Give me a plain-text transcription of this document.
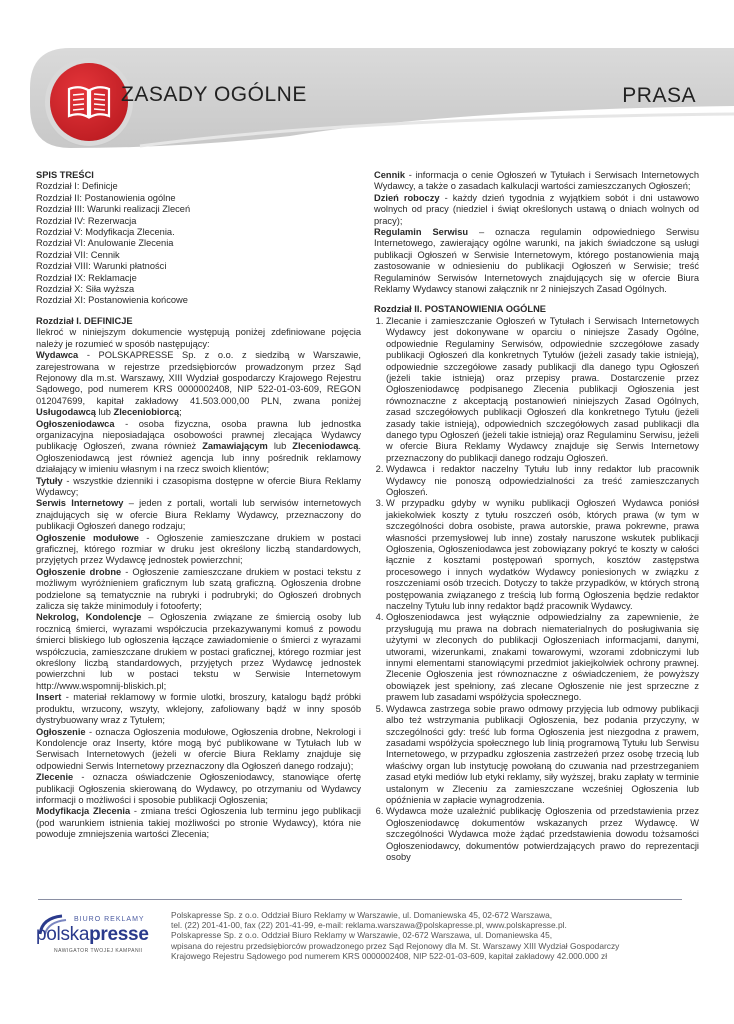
ZASADY OGÓLNE	PRASA

SPIS TREŚCI

Rozdział I: Definicje

Rozdział II: Postanowienia ogólne

Rozdział III: Warunki realizacji Zleceń

Rozdział IV: Rezerwacja

Rozdział V: Modyfikacja Zlecenia.

Rozdział VI: Anulowanie Zlecenia

Rozdział VII: Cennik

Rozdział VIII: Warunki płatności

Rozdział IX: Reklamacje

Rozdział X: Siła wyższa

Rozdział XI: Postanowienia końcowe

Rozdział I. DEFINICJE

Ilekroć w niniejszym dokumencie występują poniżej zdefiniowane pojęcia należy je rozumieć w sposób następujący:

Wydawca - POLSKAPRESSE Sp. z o.o. z siedzibą w Warszawie, zarejestrowana w rejestrze przedsiębiorców prowadzonym przez Sąd Rejonowy dla m.st. Warszawy, XIII Wydział gospodarczy Krajowego Rejestru Sądowego, pod numerem KRS 0000002408, NIP 522-01-03-609, REGON 012047699, kapitał zakładowy 41.503.000,00 PLN, zwana poniżej Usługodawcą lub Zleceniobiorcą;

Ogłoszeniodawca - osoba fizyczna, osoba prawna lub jednostka organizacyjna nieposiadająca osobowości prawnej zlecająca Wydawcy publikację Ogłoszeń, zwana również Zamawiającym lub Zleceniodawcą. Ogłoszeniodawcą jest również agencja lub inny pośrednik reklamowy działający w imieniu własnym i na rzecz swoich klientów;

Tytuły - wszystkie dzienniki i czasopisma dostępne w ofercie Biura Reklamy Wydawcy;

Serwis Internetowy – jeden z portali, wortali lub serwisów internetowych znajdujących się w ofercie Biura Reklamy Wydawcy, przeznaczony do publikacji Ogłoszeń danego rodzaju;

Ogłoszenie modułowe - Ogłoszenie zamieszczane drukiem w postaci graficznej, którego rozmiar w druku jest określony liczbą standardowych, przyjętych przez Wydawcę jednostek powierzchni;

Ogłoszenie drobne - Ogłoszenie zamieszczane drukiem w postaci tekstu z możliwym wyróżnieniem graficznym lub szatą graficzną. Ogłoszenia drobne podzielone są tematycznie na rubryki i podrubryki; do Ogłoszeń drobnych zalicza się także minimoduły i fotooferty;

Nekrolog, Kondolencje – Ogłoszenia związane ze śmiercią osoby lub rocznicą śmierci, wyrazami współczucia przekazywanymi komuś z powodu śmierci bliskiego lub ogłoszenia łączące zawiadomienie o śmierci z wyrazami współczucia, zamieszczane drukiem w postaci graficznej, którego rozmiar jest określony liczbą standardowych, przyjętych przez Wydawcę jednostek powierzchni lub w postaci tekstu w Serwisie Internetowym http://www.wspomnij-bliskich.pl;

Insert - materiał reklamowy w formie ulotki, broszury, katalogu bądź próbki produktu, wrzucony, wszyty, wklejony, zafoliowany bądź w inny sposób dystrybuowany wraz z Tytułem;

Ogłoszenie - oznacza Ogłoszenia modułowe, Ogłoszenia drobne, Nekrologi i Kondolencje oraz Inserty, które mogą być publikowane w Tytułach lub w Serwisach Internetowych (jeżeli w ofercie Biura Reklamy znajduje się odpowiedni Serwis Internetowy przeznaczony dla Ogłoszeń danego rodzaju);

Zlecenie - oznacza oświadczenie Ogłoszeniodawcy, stanowiące ofertę publikacji Ogłoszenia skierowaną do Wydawcy, po otrzymaniu od Wydawcy informacji o możliwości i sposobie publikacji Ogłoszenia;

Modyfikacja Zlecenia - zmiana treści Ogłoszenia lub terminu jego publikacji (pod warunkiem istnienia takiej możliwości po stronie Wydawcy), która nie powoduje zmniejszenia wartości Zlecenia;

Cennik - informacja o cenie Ogłoszeń w Tytułach i Serwisach Internetowych Wydawcy, a także o zasadach kalkulacji wartości zamieszczanych Ogłoszeń;

Dzień roboczy - każdy dzień tygodnia z wyjątkiem sobót i dni ustawowo wolnych od pracy (niedziel i świąt określonych ustawą o dniach wolnych od pracy);

Regulamin Serwisu – oznacza regulamin odpowiedniego Serwisu Internetowego, zawierający ogólne warunki, na jakich świadczone są usługi publikacji Ogłoszeń w Serwisie Internetowym, którego postanowienia mają zastosowanie w odniesieniu do publikacji Ogłoszeń w Serwisie; treść Regulaminów Serwisów Internetowych znajdujących się w ofercie Biura Reklamy Wydawcy stanowi załącznik nr 2 niniejszych Zasad Ogólnych.

Rozdział II. POSTANOWIENIA OGÓLNE

1. Zlecanie i zamieszczanie Ogłoszeń w Tytułach i Serwisach Internetowych Wydawcy jest dokonywane w oparciu o niniejsze Zasady Ogólne, odpowiednie Regulaminy Serwisów, odpowiednie szczegółowe zasady publikacji Ogłoszeń dla konkretnych Tytułów (jeżeli zasady takie istnieją), odpowiednie szczegółowe zasady publikacji dla danego typu Ogłoszeń (jeżeli takie istnieją) oraz przepisy prawa. Dostarczenie przez Ogłoszeniodawcę podpisanego Zlecenia publikacji Ogłoszenia jest równoznaczne z akceptacją postanowień niniejszych Zasad Ogólnych, zasad szczegółowych publikacji Ogłoszeń dla konkretnego Tytułu (jeżeli zasady takie istnieją), odpowiednich szczegółowych zasad publikacji dla danego typu Ogłoszeń (jeżeli takie istnieją) oraz Regulaminu Serwisu, jeżeli w ofercie Biura Reklamy Wydawcy znajduje się Serwis Internetowy przeznaczony do publikacji danego rodzaju Ogłoszeń.
2. Wydawca i redaktor naczelny Tytułu lub inny redaktor lub pracownik Wydawcy nie ponoszą odpowiedzialności za treść zamieszczanych Ogłoszeń.
3. W przypadku gdyby w wyniku publikacji Ogłoszeń Wydawca poniósł jakiekolwiek koszty z tytułu roszczeń osób, których prawa (w tym w szczególności dobra osobiste, prawa autorskie, prawa pokrewne, prawa własności przemysłowej lub inne) zostały naruszone wskutek publikacji Ogłoszenia, Ogłoszeniodawca jest zobowiązany pokryć te koszty w całości łącznie z kosztami postępowań spornych, kosztów zastępstwa procesowego i innych wydatków Wydawcy poniesionych w związku z roszczeniami osób trzecich. Dotyczy to także przypadków, w których stroną postępowania związanego z treścią lub formą Ogłoszenia będzie redaktor naczelny Tytułu lub inny redaktor bądź pracownik Wydawcy.
4. Ogłoszeniodawca jest wyłącznie odpowiedzialny za zapewnienie, że przysługują mu prawa na dobrach niematerialnych do posługiwania się użytymi w zleconych do publikacji Ogłoszeniach informacjami, danymi, utworami, wizerunkami, znakami towarowymi, wzorami zdobniczymi lub innymi elementami stanowiącymi przedmiot jakiejkolwiek ochrony prawnej. Zlecenie Ogłoszenia jest równoznaczne z oświadczeniem, że powyższy obowiązek jest spełniony, zaś zlecane Ogłoszenie nie jest sprzeczne z prawem lub zasadami współżycia społecznego.
5. Wydawca zastrzega sobie prawo odmowy przyjęcia lub odmowy publikacji albo też wstrzymania publikacji Ogłoszenia, bez podania przyczyny, w szczególności gdy: treść lub forma Ogłoszenia jest niezgodna z prawem, zasadami współżycia społecznego lub linią programową Tytułu lub Serwisu Internetowego, w przypadku zgłoszenia zastrzeżeń przez osobę trzecią lub właściwy organ lub instytucję powołaną do czuwania nad przestrzeganiem zasad etyki mediów lub etyki reklamy, siły wyższej, braku zapłaty w terminie ustalonym w Zleceniu za zamieszczane wcześniej Ogłoszenia lub opóźnienia w zapłacie wynagrodzenia.
6. Wydawca może uzależnić publikację Ogłoszenia od przedstawienia przez Ogłoszeniodawcę dokumentów wskazanych przez Wydawcę. W szczególności Wydawca może żądać przedstawienia dowodu tożsamości Ogłoszeniodawcy, dokumentów potwierdzających prawo do reprezentacji osoby
BIURO REKLAMY
polskapresse
NAWIGATOR TWOJEJ KAMPANII
Polskapresse Sp. z o.o. Oddział Biuro Reklamy w Warszawie, ul. Domaniewska 45, 02-672 Warszawa,
tel. (22) 201-41-00, fax (22) 201-41-99, e-mail: reklama.warszawa@polskapresse.pl, www.polskapresse.pl.
Polskapresse Sp. z o.o. Oddział Biuro Reklamy w Warszawie, 02-672 Warszawa, ul. Domaniewska 45,
wpisana do rejestru przedsiębiorców prowadzonego przez Sąd Rejonowy dla M. St. Warszawy XIII Wydział Gospodarczy
Krajowego Rejestru Sądowego pod numerem KRS 0000002408, NIP 522-01-03-609, kapitał zakładowy 42.000.000 zł
